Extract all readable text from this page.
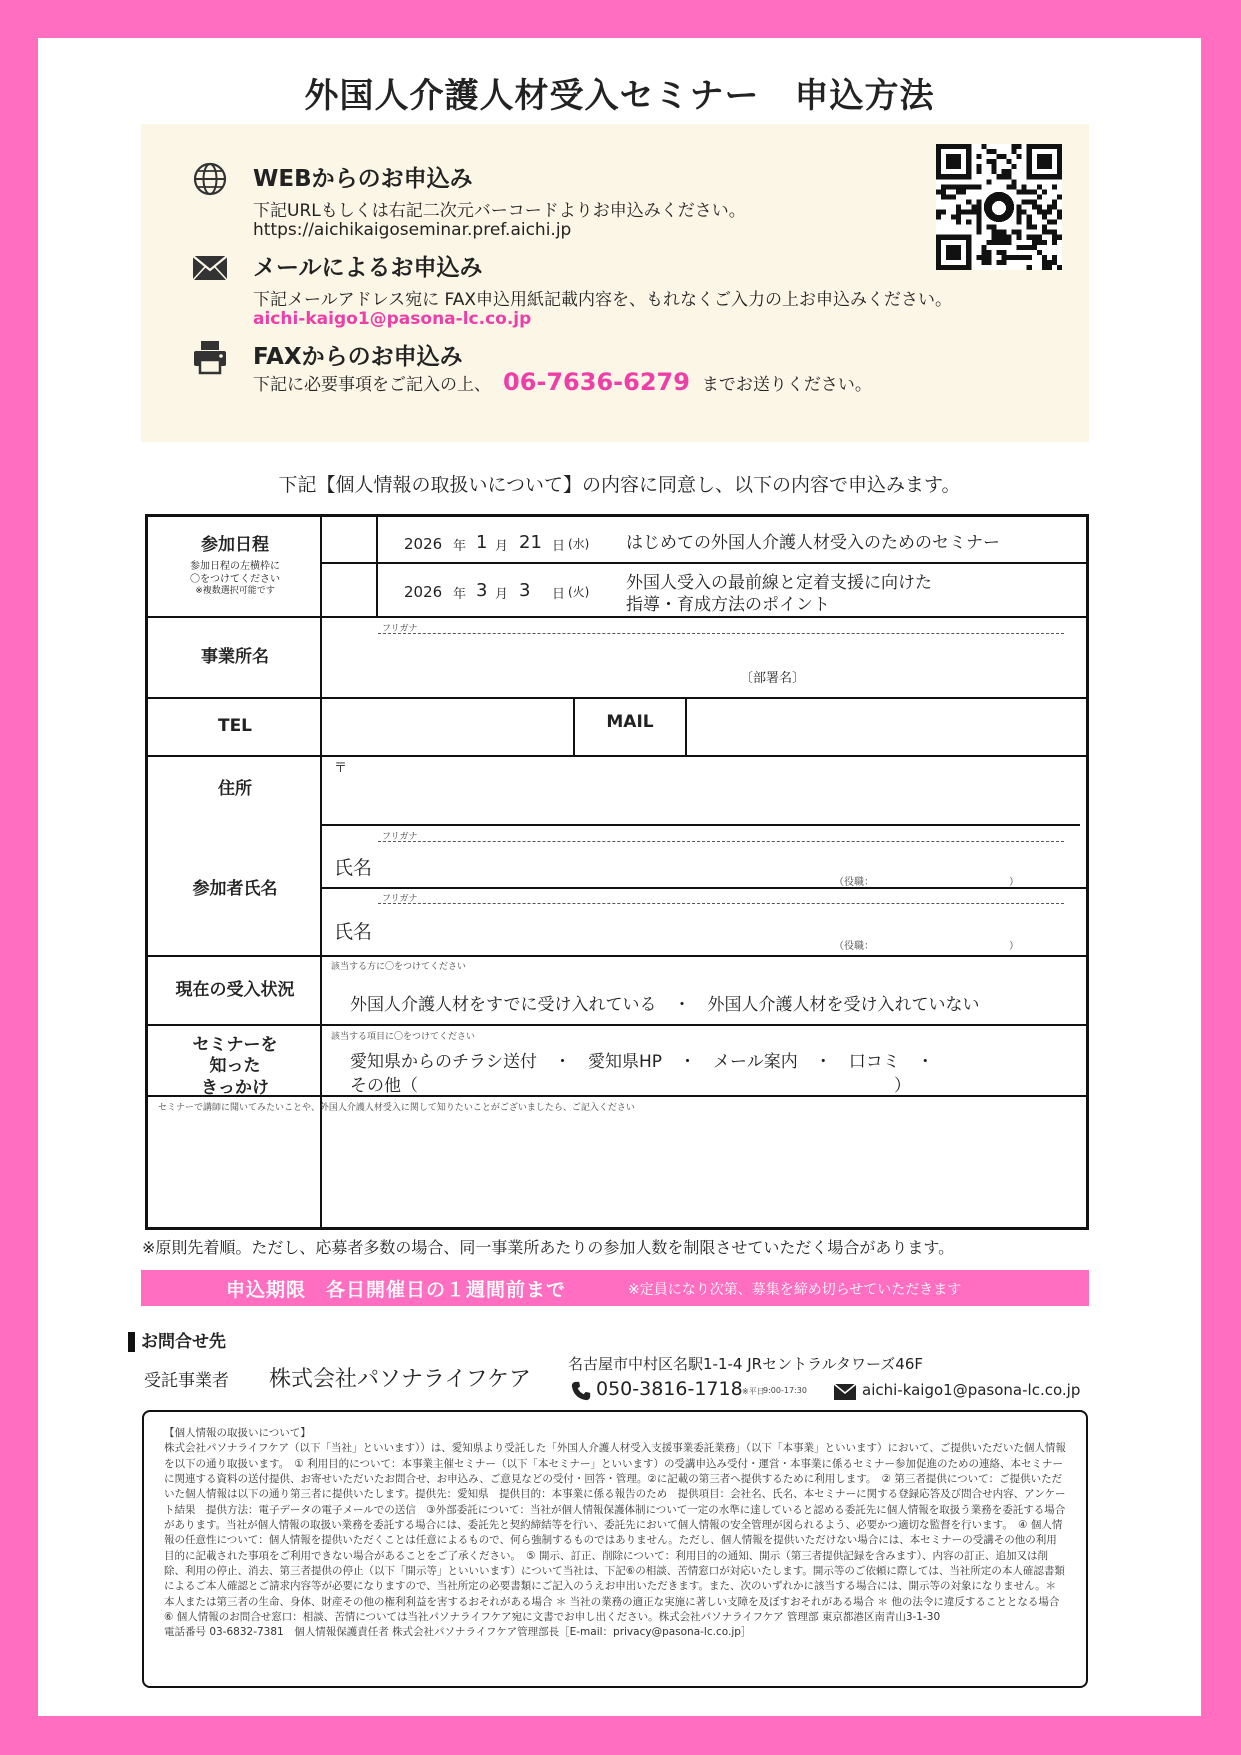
外国人介護人材受入セミナー　申込方法
WEBからのお申込み
下記URLもしくは右記二次元バーコードよりお申込みください。
https://aichikaigoseminar.pref.aichi.jp
メールによるお申込み
下記メールアドレス宛に FAX申込用紙記載内容を、もれなくご入力の上お申込みください。
aichi-kaigo1@pasona-lc.co.jp
FAXからのお申込み
下記に必要事項をご記入の上、 06-7636-6279 までお送りください。
下記【個人情報の取扱いについて】の内容に同意し、以下の内容で申込みます。
参加日程
参加日程の左横枠に
〇をつけてください
※複数選択可能です
2026 年 1 月 21 日 (水) はじめての外国人介護人材受入のためのセミナー
2026 年 3 月 3 日 (火) 外国人受入の最前線と定着支援に向けた
指導・育成方法のポイント
事業所名
フリガナ
〔部署名〕
TEL	MAIL
住所
〒
参加者氏名
フリガナ
氏名
（役職：　　　　　　　　　　　　　　）
フリガナ
氏名
（役職：　　　　　　　　　　　　　　）
現在の受入状況
該当する方に〇をつけてください
外国人介護人材をすでに受け入れている　・　外国人介護人材を受け入れていない
セミナーを
知った
きっかけ
該当する項目に〇をつけてください
愛知県からのチラシ送付　・　愛知県HP　・　メール案内　・　口コミ　・
その他（　　　　　　　　　　　　　　　　　　　　　　　　　　　　）
セミナーで講師に聞いてみたいことや、外国人介護人材受入に関して知りたいことがございましたら、ご記入ください
※原則先着順。ただし、応募者多数の場合、同一事業所あたりの参加人数を制限させていただく場合があります。
申込期限　各日開催日の１週間前まで	※定員になり次第、募集を締め切らせていただきます
お問合せ先
受託事業者 株式会社パソナライフケア
名古屋市中村区名駅1-1-4 JRセントラルタワーズ46F
050-3816-1718 ※平日
9:00-17:30	aichi-kaigo1@pasona-lc.co.jp

【個人情報の取扱いについて】

株式会社パソナライフケア（以下「当社」といいます））は、愛知県より受託した「外国人介護人材受入支援事業委託業務」（以下「本事業」といいます）において、ご提供いただいた個人情報を以下の通り取扱います。　① 利用目的について：本事業主催セミナー（以下「本セミナー」といいます）の受講申込み受付・運営・本事業に係るセミナー参加促進のための連絡、本セミナーに関連する資料の送付提供、お寄せいただいたお問合せ、お申込み、ご意見などの受付・回答・管理。②に記載の第三者へ提供するために利用します。　② 第三者提供について：ご提供いただいた個人情報は以下の通り第三者に提供いたします。提供先：愛知県　提供目的：本事業に係る報告のため　提供項目：会社名、氏名、本セミナーに関する登録応答及び問合せ内容、アンケート結果　提供方法：電子データの電子メールでの送信　③外部委託について：当社が個人情報保護体制について一定の水準に達していると認める委託先に個人情報を取扱う業務を委託する場合があります。当社が個人情報の取扱い業務を委託する場合には、委託先と契約締結等を行い、委託先において個人情報の安全管理が図られるよう、必要かつ適切な監督を行います。　④ 個人情報の任意性について：個人情報を提供いただくことは任意によるもので、何ら強制するものではありません。ただし、個人情報を提供いただけない場合には、本セミナーの受講その他の利用目的に記載された事項をご利用できない場合があることをご了承ください。　⑤ 開示、訂正、削除について：利用目的の通知、開示（第三者提供記録を含みます）、内容の訂正、追加又は削除、利用の停止、消去、第三者提供の停止（以下「開示等」といいいます）について当社は、下記⑥の相談、苦情窓口が対応いたします。開示等のご依頼に際しては、当社所定の本人確認書類によるご本人確認とご請求内容等が必要になりますので、当社所定の必要書類にご記入のうえお申出いただきます。また、次のいずれかに該当する場合には、開示等の対象になりません。＊ 本人または第三者の生命、身体、財産その他の権利利益を害するおそれがある場合 ＊ 当社の業務の適正な実施に著しい支障を及ぼすおそれがある場合 ＊ 他の法令に違反することとなる場合 ⑥ 個人情報のお問合せ窓口：相談、苦情については当社パソナライフケア宛に文書でお申し出ください。株式会社パソナライフケア 管理部 東京都港区南青山3-1-30

電話番号 03-6832-7381　個人情報保護責任者 株式会社パソナライフケア管理部長［E-mail：privacy@pasona-lc.co.jp］
